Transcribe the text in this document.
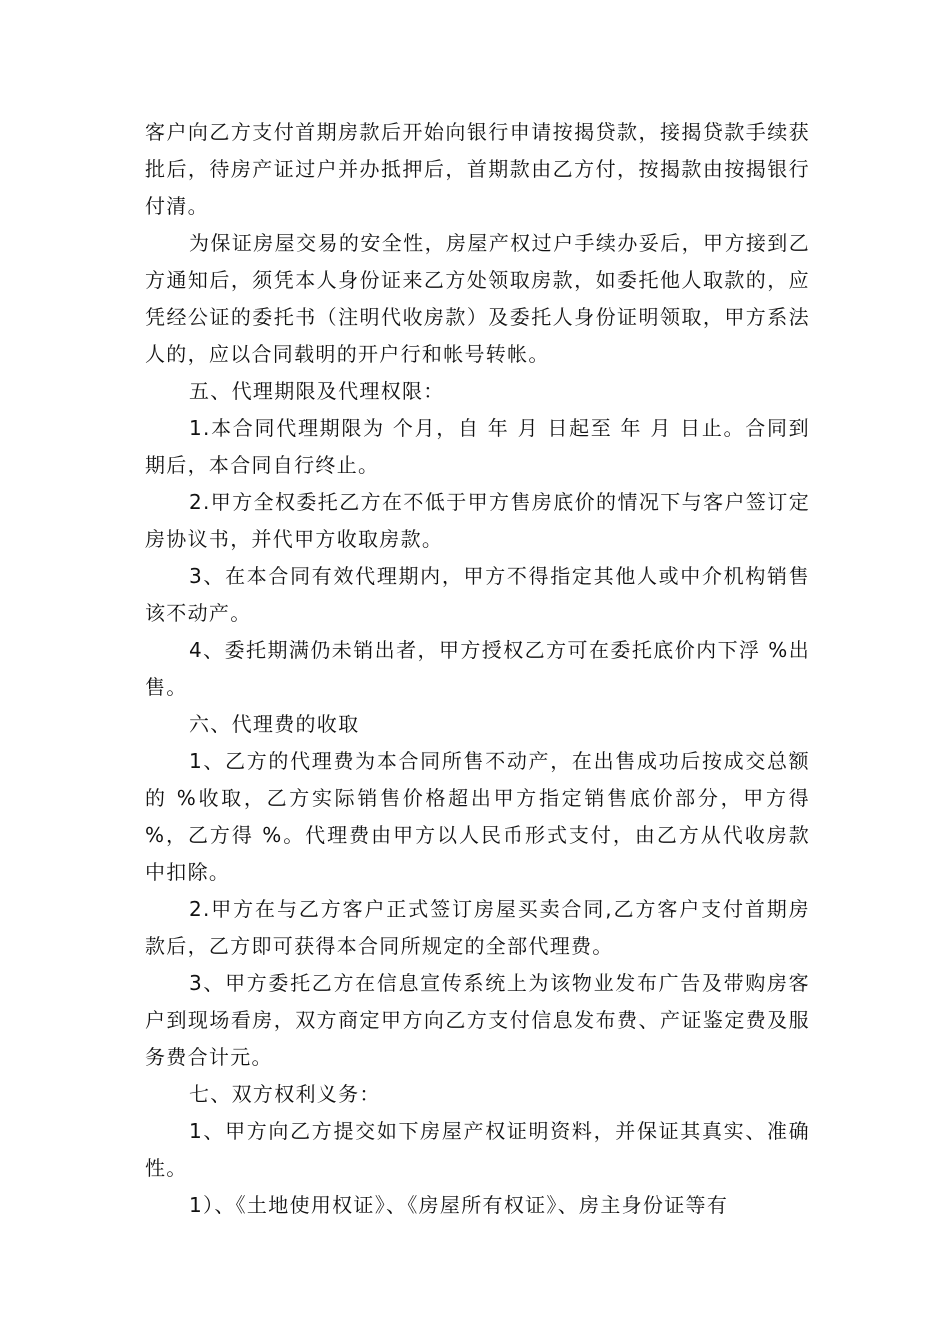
客户向乙方支付首期房款后开始向银行申请按揭贷款，接揭贷款手续获批后，待房产证过户并办抵押后，首期款由乙方付，按揭款由按揭银行付清。

为保证房屋交易的安全性，房屋产权过户手续办妥后，甲方接到乙方通知后，须凭本人身份证来乙方处领取房款，如委托他人取款的，应凭经公证的委托书（注明代收房款）及委托人身份证明领取，甲方系法人的，应以合同载明的开户行和帐号转帐。

五、代理期限及代理权限：

1.本合同代理期限为 个月，自 年 月 日起至 年 月 日止。合同到期后，本合同自行终止。

2.甲方全权委托乙方在不低于甲方售房底价的情况下与客户签订定房协议书，并代甲方收取房款。

3、在本合同有效代理期内，甲方不得指定其他人或中介机构销售该不动产。

4、委托期满仍未销出者，甲方授权乙方可在委托底价内下浮 %出售。

六、代理费的收取

1、乙方的代理费为本合同所售不动产，在出售成功后按成交总额的 %收取，乙方实际销售价格超出甲方指定销售底价部分，甲方得 %，乙方得 %。代理费由甲方以人民币形式支付，由乙方从代收房款中扣除。

2.甲方在与乙方客户正式签订房屋买卖合同,乙方客户支付首期房款后，乙方即可获得本合同所规定的全部代理费。

3、甲方委托乙方在信息宣传系统上为该物业发布广告及带购房客户到现场看房，双方商定甲方向乙方支付信息发布费、产证鉴定费及服务费合计元。

七、双方权利义务：

1、甲方向乙方提交如下房屋产权证明资料，并保证其真实、准确性。

1）、《土地使用权证》、《房屋所有权证》、房主身份证等有
